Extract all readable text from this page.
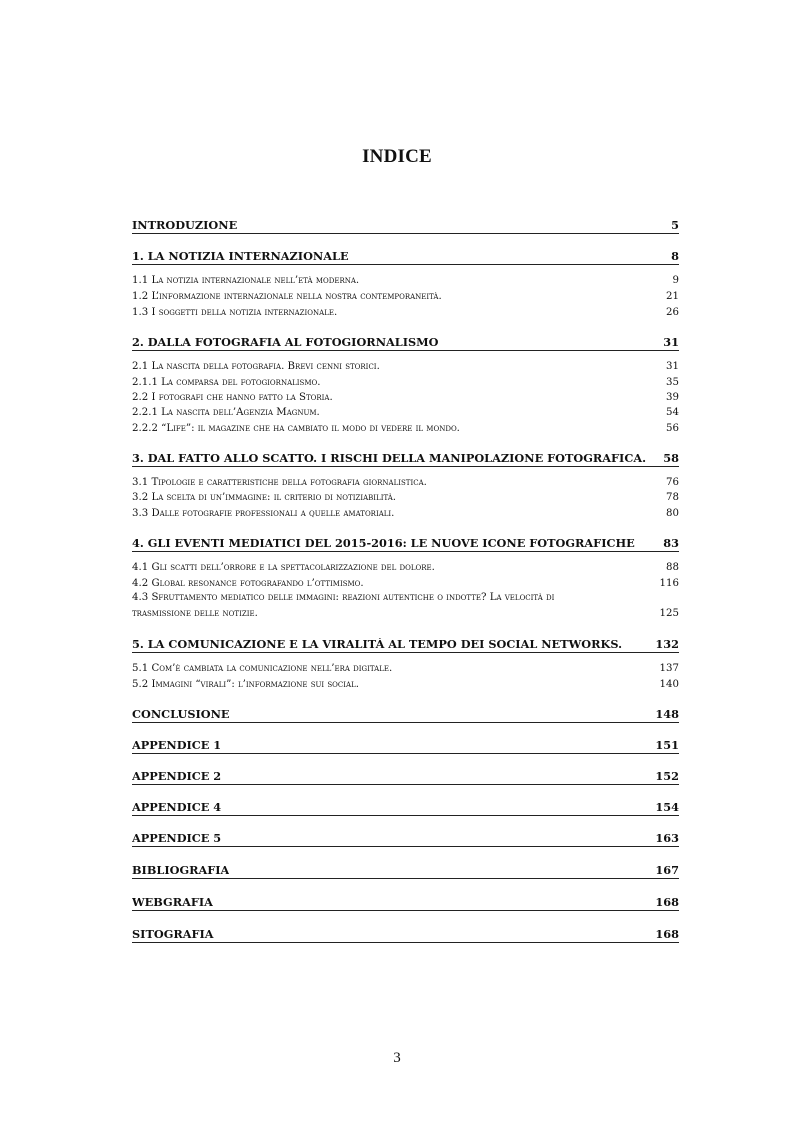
INDICE
INTRODUZIONE	5
1. LA NOTIZIA INTERNAZIONALE	8
1.1 La notizia internazionale nell’età moderna.	9
1.2 L’informazione internazionale nella nostra contemporaneità.	21
1.3 I soggetti della notizia internazionale.	26
2. DALLA FOTOGRAFIA AL FOTOGIORNALISMO	31
2.1 La nascita della fotografia. Brevi cenni storici.	31
2.1.1 La comparsa del fotogiornalismo.	35
2.2 I fotografi che hanno fatto la Storia.	39
2.2.1 La nascita dell’Agenzia Magnum.	54
2.2.2 “Life”: il magazine che ha cambiato il modo di vedere il mondo.	56
3. DAL FATTO ALLO SCATTO. I RISCHI DELLA MANIPOLAZIONE FOTOGRAFICA. 58
3.1 Tipologie e caratteristiche della fotografia giornalistica.	76
3.2 La scelta di un’immagine: il criterio di notiziabilità.	78
3.3 Dalle fotografie professionali a quelle amatoriali.	80
4. GLI EVENTI MEDIATICI DEL 2015-2016: LE NUOVE ICONE FOTOGRAFICHE	83
4.1 Gli scatti dell’orrore e la spettacolarizzazione del dolore.	88
4.2 Global resonance fotografando l’ottimismo.	116
4.3 Sfruttamento mediatico delle immagini: reazioni autentiche o indotte? La velocità di
trasmissione delle notizie.	125
5. LA COMUNICAZIONE E LA VIRALITÀ AL TEMPO DEI SOCIAL NETWORKS.	132
5.1 Com’è cambiata la comunicazione nell’era digitale.	137
5.2 Immagini “virali”: l’informazione sui social.	140
CONCLUSIONE	148
APPENDICE 1	151
APPENDICE 2	152
APPENDICE 4	154
APPENDICE 5	163
BIBLIOGRAFIA	167
WEBGRAFIA	168
SITOGRAFIA	168
3
